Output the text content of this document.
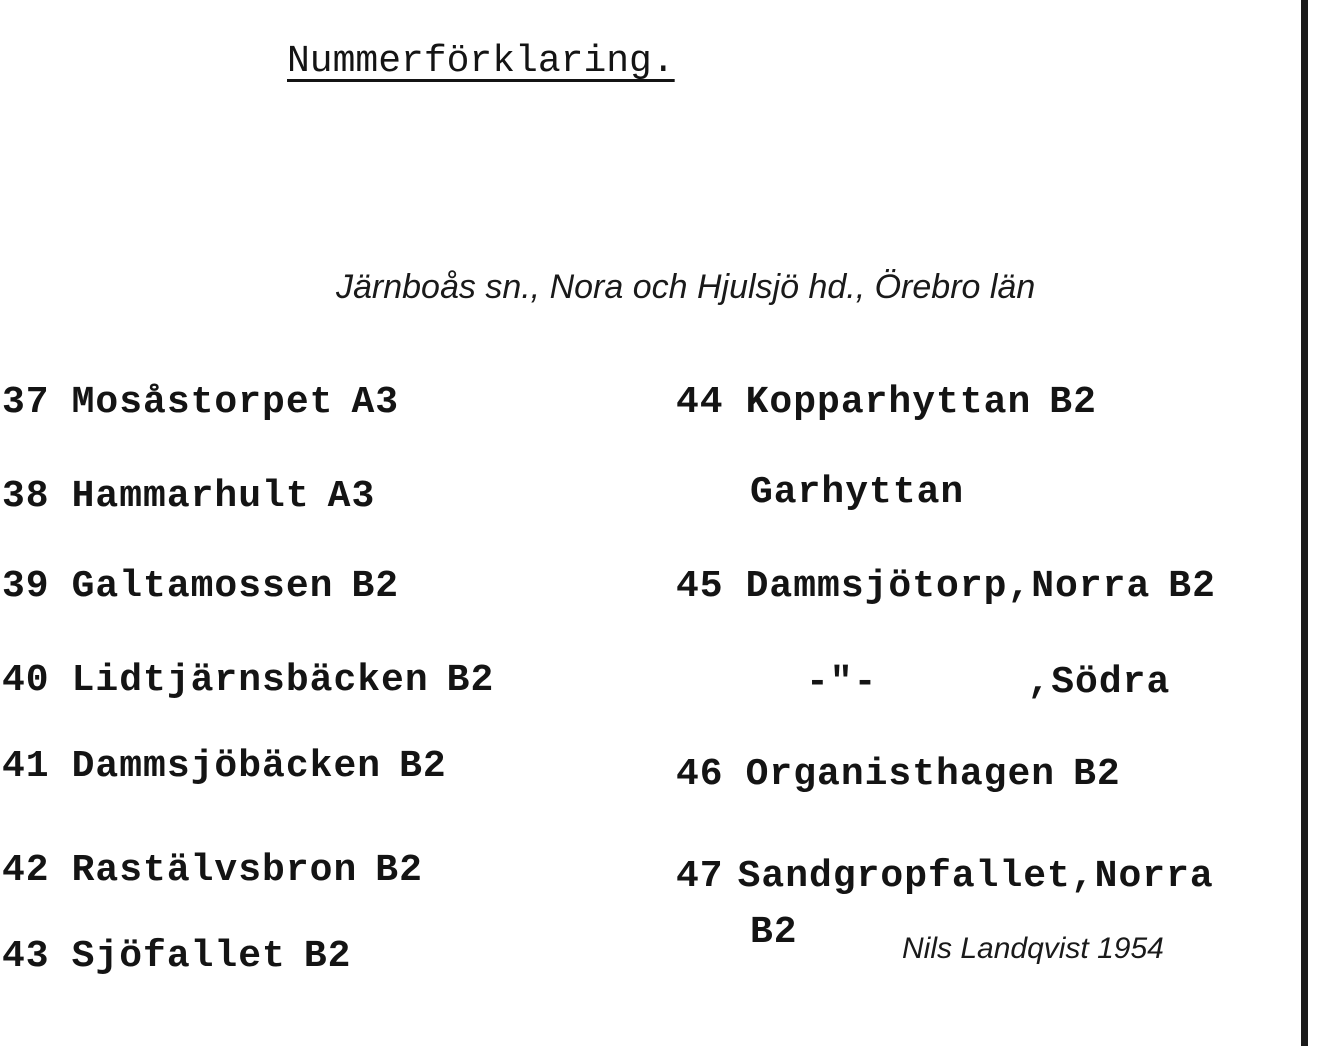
Nummerförklaring.
Järnboås sn., Nora och Hjulsjö hd., Örebro län
37 Mosåstorpet A3
38 Hammarhult A3
39 Galtamossen B2
40 Lidtjärnsbäcken B2
41 Dammsjöbäcken B2
42 Rastälvsbron B2
43 Sjöfallet B2
44 Kopparhyttan B2
Garhyttan
45 Dammsjötorp,Norra B2
-"-	,Södra
46 Organisthagen B2
47 Sandgropfallet,Norra
B2	Nils Landqvist 1954
